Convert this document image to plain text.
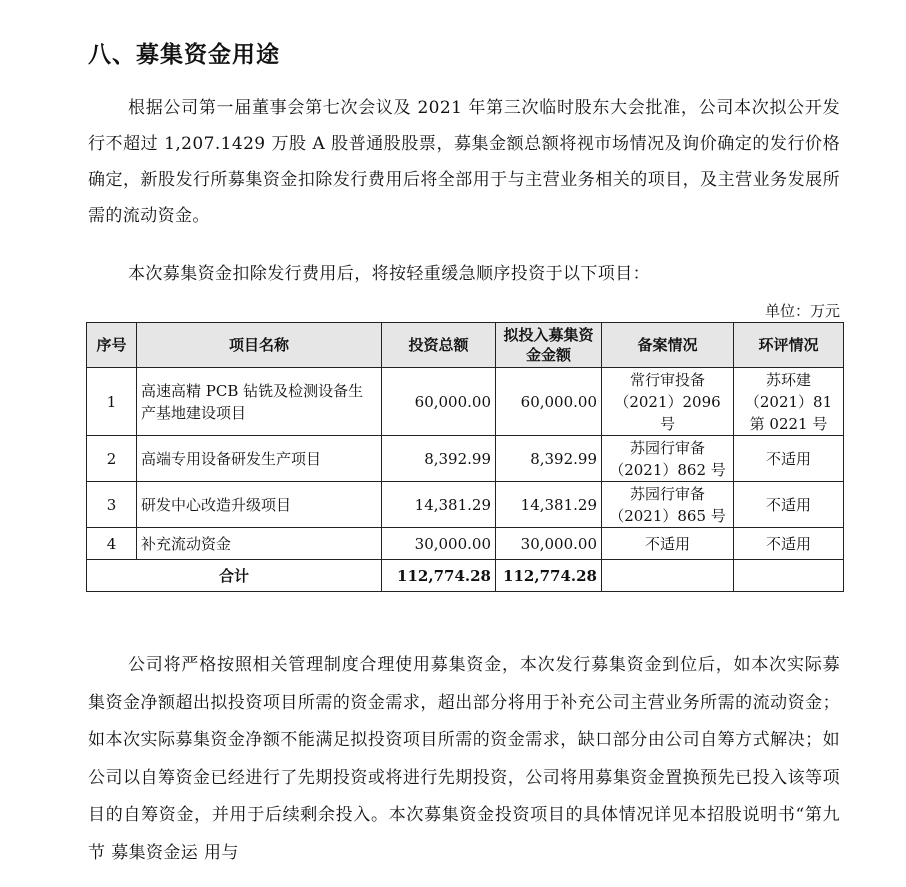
八、募集资金用途
根据公司第一届董事会第七次会议及 2021 年第三次临时股东大会批准，公司本次拟公开发行不超过 1,207.1429 万股 A 股普通股股票，募集金额总额将视市场情况及询价确定的发行价格确定，新股发行所募集资金扣除发行费用后将全部用于与主营业务相关的项目，及主营业务发展所需的流动资金。
本次募集资金扣除发行费用后，将按轻重缓急顺序投资于以下项目：
单位：万元
序号	项目名称	投资总额	拟投入募集资金金额	备案情况	环评情况
1	高速高精 PCB 钻铣及检测设备生产基地建设项目	60,000.00	60,000.00	常行审投备（2021）2096 号	苏环建（2021）81第 0221 号
2	高端专用设备研发生产项目	8,392.99	8,392.99	苏园行审备（2021）862 号	不适用
3	研发中心改造升级项目	14,381.29	14,381.29	苏园行审备（2021）865 号	不适用
4	补充流动资金	30,000.00	30,000.00	不适用	不适用
合计		112,774.28	112,774.28		
公司将严格按照相关管理制度合理使用募集资金，本次发行募集资金到位后，如本次实际募集资金净额超出拟投资项目所需的资金需求，超出部分将用于补充公司主营业务所需的流动资金；如本次实际募集资金净额不能满足拟投资项目所需的资金需求，缺口部分由公司自筹方式解决；如公司以自筹资金已经进行了先期投资或将进行先期投资，公司将用募集资金置换预先已投入该等项目的自筹资金，并用于后续剩余投入。本次募集资金投资项目的具体情况详见本招股说明书“第九节 募集资金运 用与
